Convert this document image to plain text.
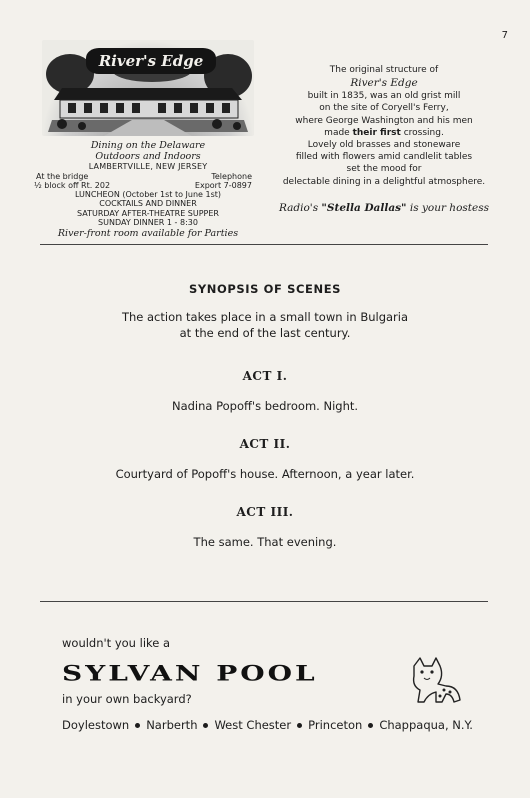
7
River's Edge
Dining on the Delaware
Outdoors and Indoors
LAMBERTVILLE, NEW JERSEY
At the bridge	Telephone
½ block off Rt. 202	Export 7-0897
LUNCHEON (October 1st to June 1st)
COCKTAILS AND DINNER
SATURDAY AFTER-THEATRE SUPPER
SUNDAY DINNER 1 - 8:30
River-front room available for Parties
The original structure of
River's Edge
built in 1835, was an old grist mill
on the site of Coryell's Ferry,
where George Washington and his men
made their first crossing.
Lovely old brasses and stoneware
filled with flowers amid candlelit tables
set the mood for
delectable dining in a delightful atmosphere.
Radio's "Stella Dallas" is your hostess
SYNOPSIS OF SCENES
The action takes place in a small town in Bulgaria
at the end of the last century.
ACT I.
Nadina Popoff's bedroom. Night.
ACT II.
Courtyard of Popoff's house. Afternoon, a year later.
ACT III.
The same. That evening.
wouldn't you like a
SYLVAN POOL
in your own backyard?
Doylestown Narberth West Chester Princeton Chappaqua, N.Y.
